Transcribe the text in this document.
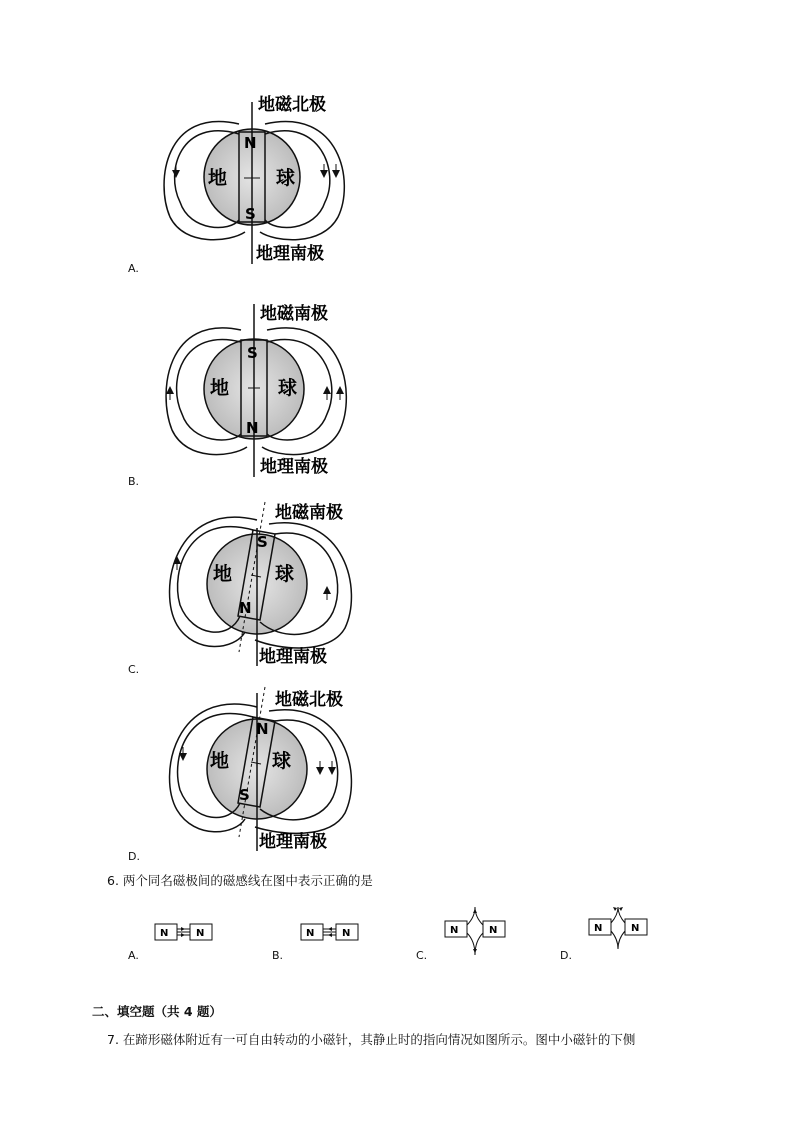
N
S
地	球
地磁北极
地理南极
A.
S
N
地	球
地磁南极
地理南极
B.
S
N
地 球
地磁南极
地理南极
C.
N
S
地 球
地磁北极
地理南极
D.
6. 两个同名磁极间的磁感线在图中表示正确的是
N	N
A.
N	N
B.
N	N
C.
N	N
D.
二、填空题（共 4 题）
7. 在蹄形磁体附近有一可自由转动的小磁针，其静止时的指向情况如图所示。图中小磁针的下侧
